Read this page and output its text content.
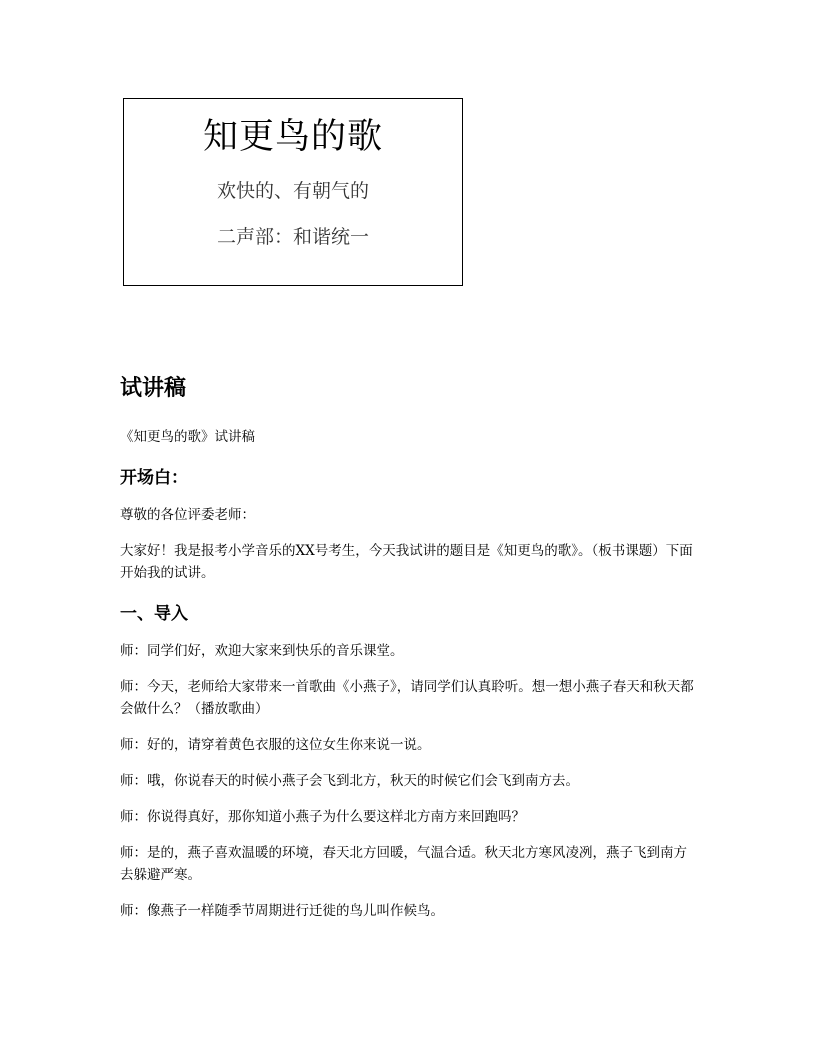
知更鸟的歌
欢快的、有朝气的
二声部：和谐统一
试讲稿

《知更鸟的歌》试讲稿

开场白：

尊敬的各位评委老师：

大家好！我是报考小学音乐的XX号考生，今天我试讲的题目是《知更鸟的歌》。（板书课题）下面开始我的试讲。

一、导入

师：同学们好，欢迎大家来到快乐的音乐课堂。

师：今天，老师给大家带来一首歌曲《小燕子》，请同学们认真聆听。想一想小燕子春天和秋天都会做什么？（播放歌曲）

师：好的，请穿着黄色衣服的这位女生你来说一说。

师：哦，你说春天的时候小燕子会飞到北方，秋天的时候它们会飞到南方去。

师：你说得真好，那你知道小燕子为什么要这样北方南方来回跑吗？

师：是的，燕子喜欢温暖的环境，春天北方回暖，气温合适。秋天北方寒风凌冽，燕子飞到南方去躲避严寒。

师：像燕子一样随季节周期进行迁徙的鸟儿叫作候鸟。
